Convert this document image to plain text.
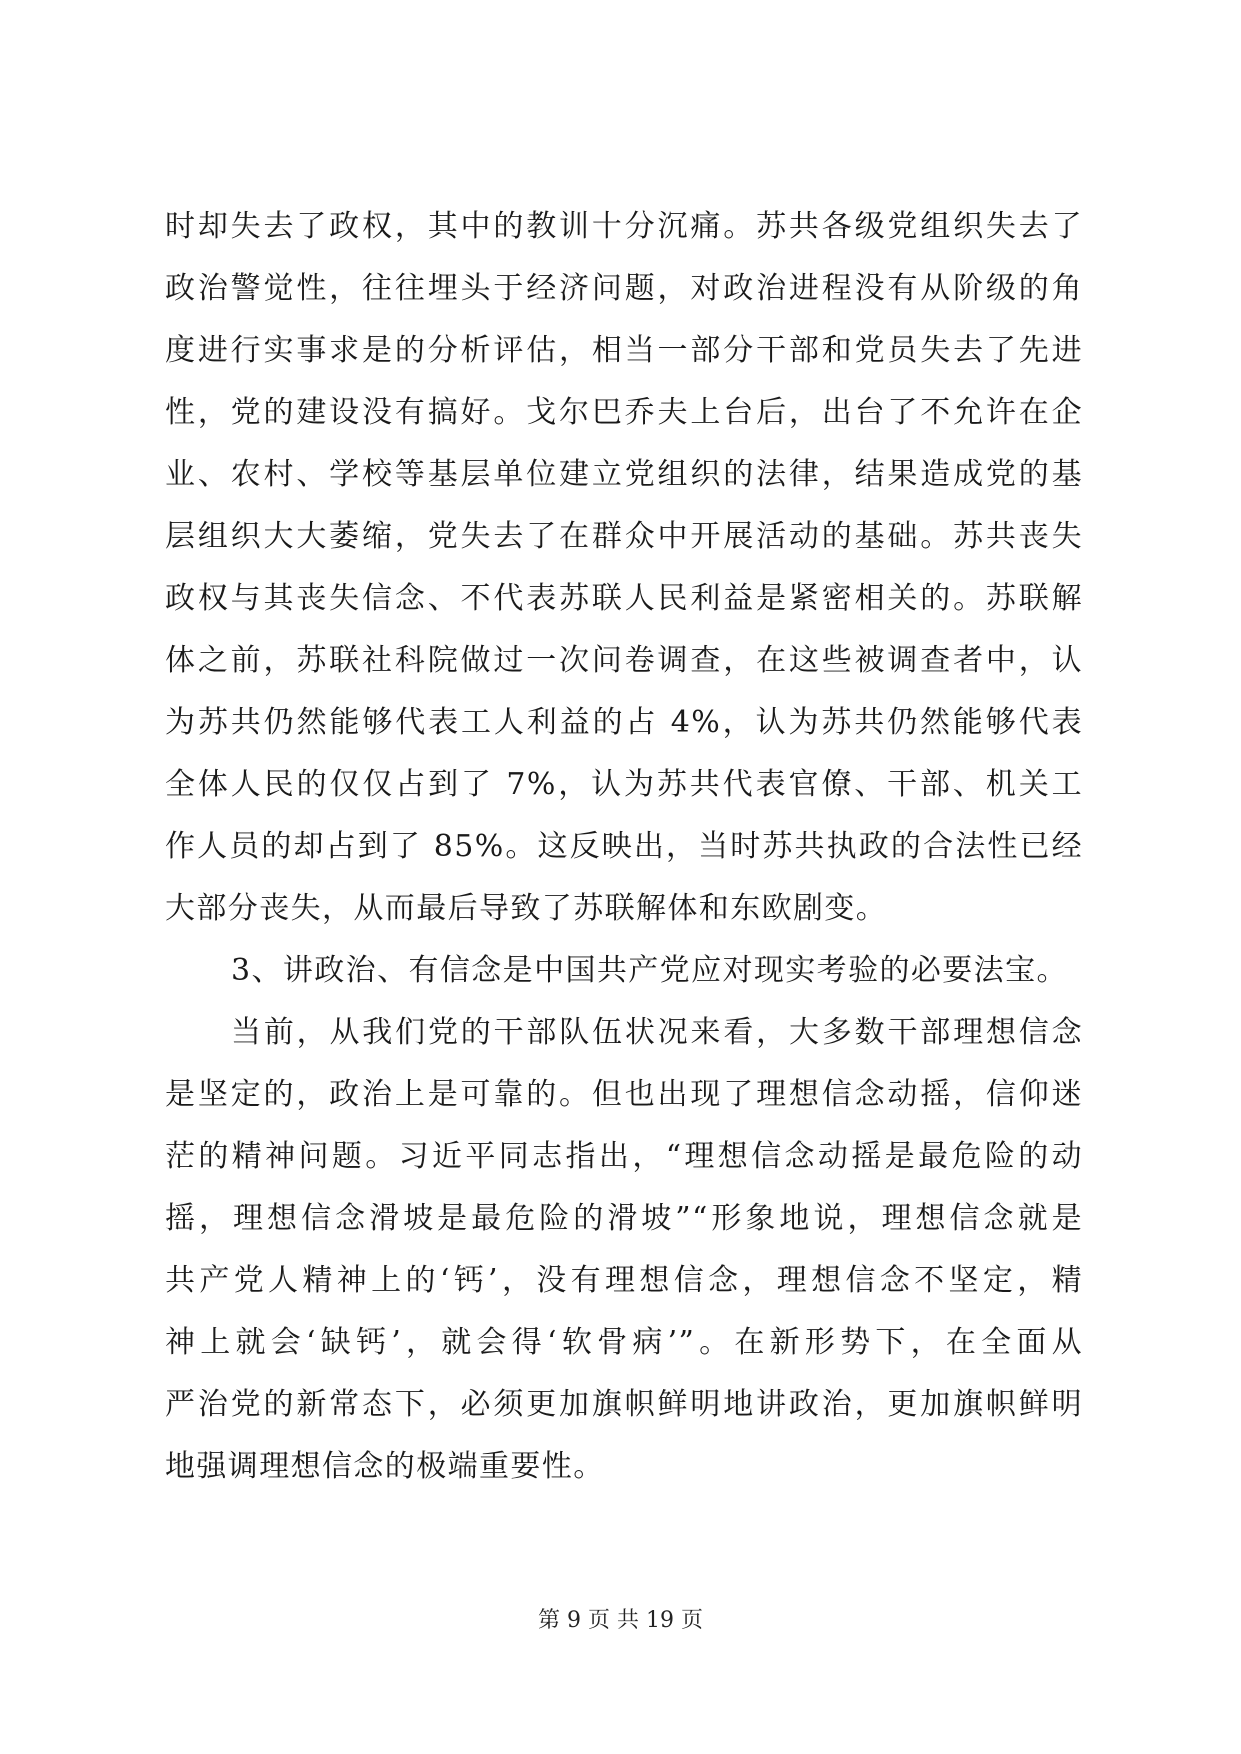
时却失去了政权，其中的教训十分沉痛。苏共各级党组织失去了
政治警觉性，往往埋头于经济问题，对政治进程没有从阶级的角
度进行实事求是的分析评估，相当一部分干部和党员失去了先进
性，党的建设没有搞好。戈尔巴乔夫上台后，出台了不允许在企
业、农村、学校等基层单位建立党组织的法律，结果造成党的基
层组织大大萎缩，党失去了在群众中开展活动的基础。苏共丧失
政权与其丧失信念、不代表苏联人民利益是紧密相关的。苏联解
体之前，苏联社科院做过一次问卷调查，在这些被调查者中，认
为苏共仍然能够代表工人利益的占 4%，认为苏共仍然能够代表
全体人民的仅仅占到了 7%，认为苏共代表官僚、干部、机关工
作人员的却占到了 85%。这反映出，当时苏共执政的合法性已经
大部分丧失，从而最后导致了苏联解体和东欧剧变。
3、讲政治、有信念是中国共产党应对现实考验的必要法宝。
当前，从我们党的干部队伍状况来看，大多数干部理想信念
是坚定的，政治上是可靠的。但也出现了理想信念动摇，信仰迷
茫的精神问题。习近平同志指出，“理想信念动摇是最危险的动
摇，理想信念滑坡是最危险的滑坡”“形象地说，理想信念就是
共产党人精神上的‘钙’，没有理想信念，理想信念不坚定，精
神上就会‘缺钙’，就会得‘软骨病’”。在新形势下，在全面从
严治党的新常态下，必须更加旗帜鲜明地讲政治，更加旗帜鲜明
地强调理想信念的极端重要性。
第 9 页 共 19 页
